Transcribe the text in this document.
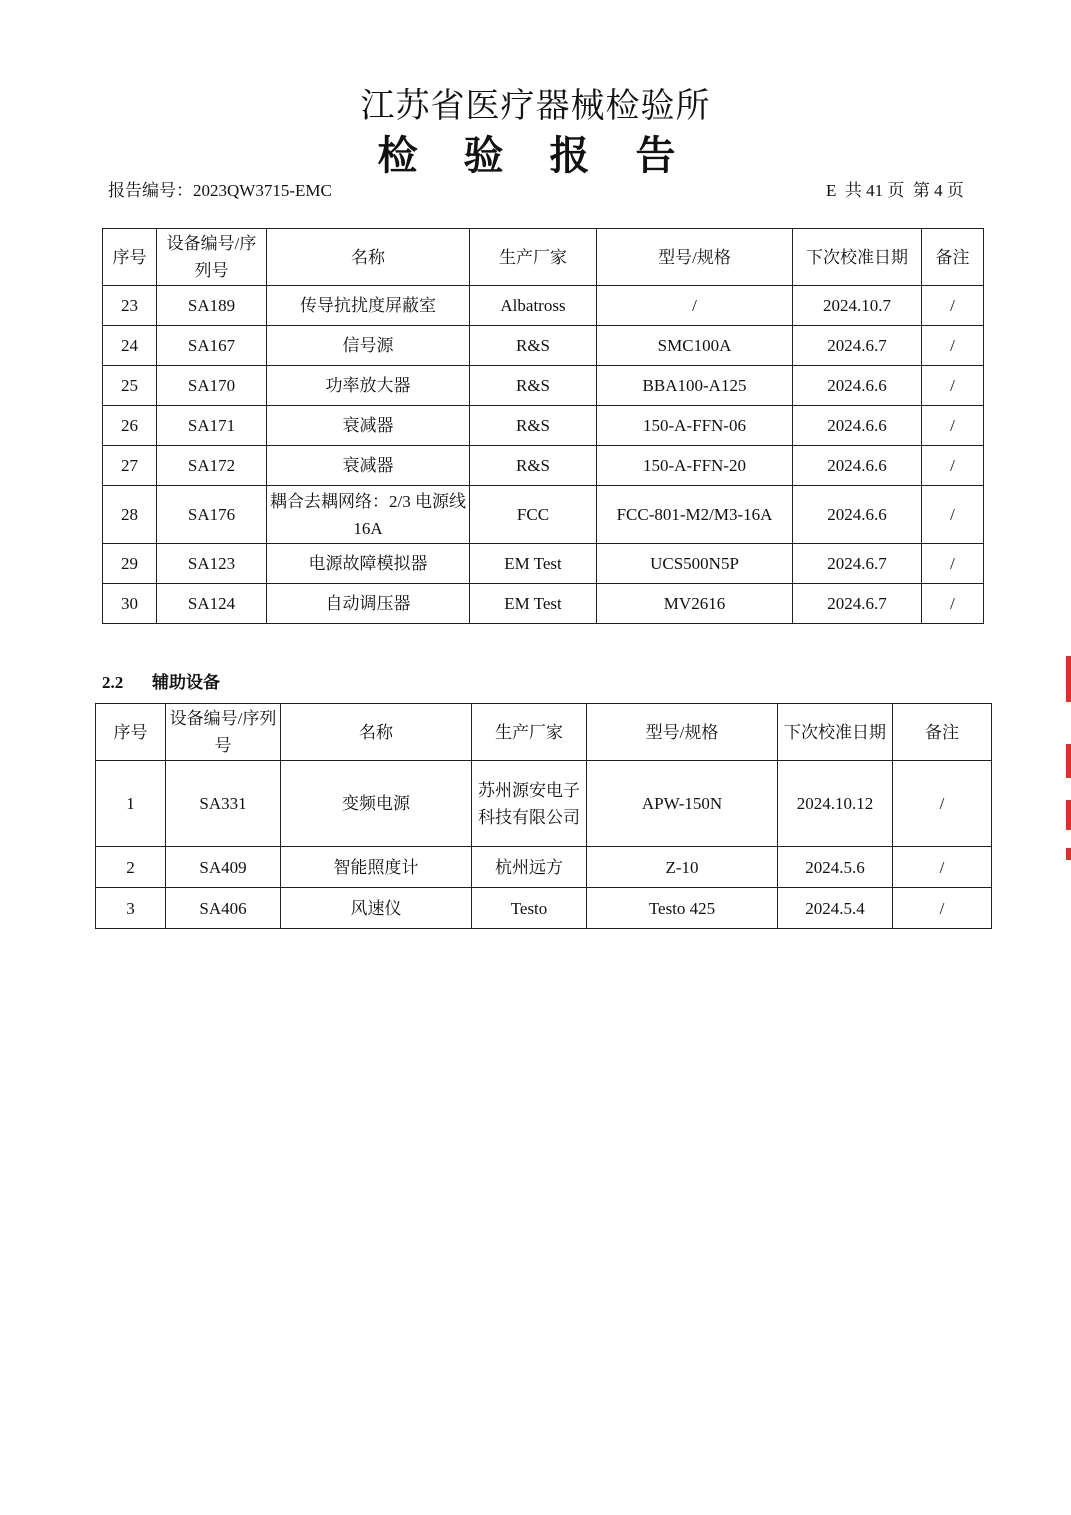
江苏省医疗器械检验所
检 验 报 告
报告编号：2023QW3715-EMC	E  共 41 页  第 4 页
序号	设备编号/序列号	名称	生产厂家	型号/规格	下次校准日期	备注
23	SA189	传导抗扰度屏蔽室	Albatross	/	2024.10.7	/
24	SA167	信号源	R&S	SMC100A	2024.6.7	/
25	SA170	功率放大器	R&S	BBA100-A125	2024.6.6	/
26	SA171	衰减器	R&S	150-A-FFN-06	2024.6.6	/
27	SA172	衰减器	R&S	150-A-FFN-20	2024.6.6	/
28	SA176	耦合去耦网络：2/3 电源线 16A	FCC	FCC-801-M2/M3-16A	2024.6.6	/
29	SA123	电源故障模拟器	EM Test	UCS500N5P	2024.6.7	/
30	SA124	自动调压器	EM Test	MV2616	2024.6.7	/
2.2 辅助设备
序号	设备编号/序列号	名称	生产厂家	型号/规格	下次校准日期	备注
1	SA331	变频电源	苏州源安电子科技有限公司	APW-150N	2024.10.12	/
2	SA409	智能照度计	杭州远方	Z-10	2024.5.6	/
3	SA406	风速仪	Testo	Testo 425	2024.5.4	/
